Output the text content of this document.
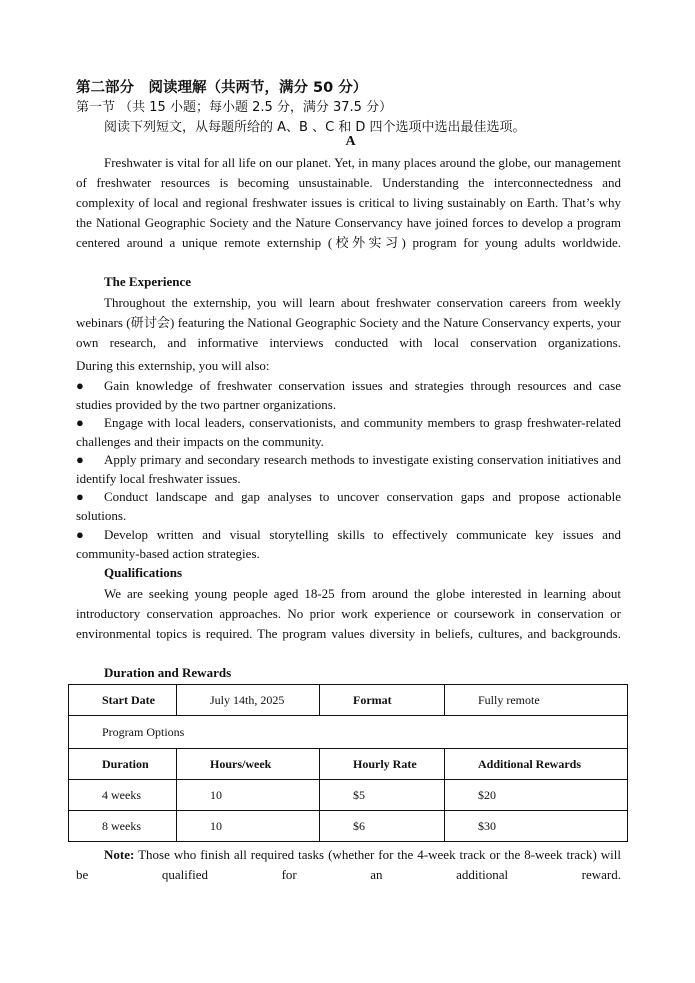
第二部分　阅读理解（共两节，满分 50 分）
第一节 （共 15 小题；每小题 2.5 分，满分 37.5 分）
阅读下列短文，从每题所给的 A、B 、C 和 D 四个选项中选出最佳选项。
A
Freshwater is vital for all life on our planet. Yet, in many places around the globe, our management of freshwater resources is becoming unsustainable. Understanding the interconnectedness and complexity of local and regional freshwater issues is critical to living sustainably on Earth. That’s why the National Geographic Society and the Nature Conservancy have joined forces to develop a program centered around a unique remote externship (校外实习) program for young adults worldwide.
The Experience
Throughout the externship, you will learn about freshwater conservation careers from weekly webinars (研讨会) featuring the National Geographic Society and the Nature Conservancy experts, your own research, and informative interviews conducted with local conservation organizations.
During this externship, you will also:
● Gain knowledge of freshwater conservation issues and strategies through resources and case studies provided by the two partner organizations.
● Engage with local leaders, conservationists, and community members to grasp freshwater-related challenges and their impacts on the community.
● Apply primary and secondary research methods to investigate existing conservation initiatives and identify local freshwater issues.
● Conduct landscape and gap analyses to uncover conservation gaps and propose actionable solutions.
● Develop written and visual storytelling skills to effectively communicate key issues and community-based action strategies.
Qualifications
We are seeking young people aged 18-25 from around the globe interested in learning about introductory conservation approaches. No prior work experience or coursework in conservation or environmental topics is required. The program values diversity in beliefs, cultures, and backgrounds.
Duration and Rewards
Start Date	July 14th, 2025	Format	Fully remote
Program Options			
Duration	Hours/week	Hourly Rate	Additional Rewards
4 weeks	10	$5	$20
8 weeks	10	$6	$30
Note: Those who finish all required tasks (whether for the 4-week track or the 8-week track) will be qualified for an additional reward.
